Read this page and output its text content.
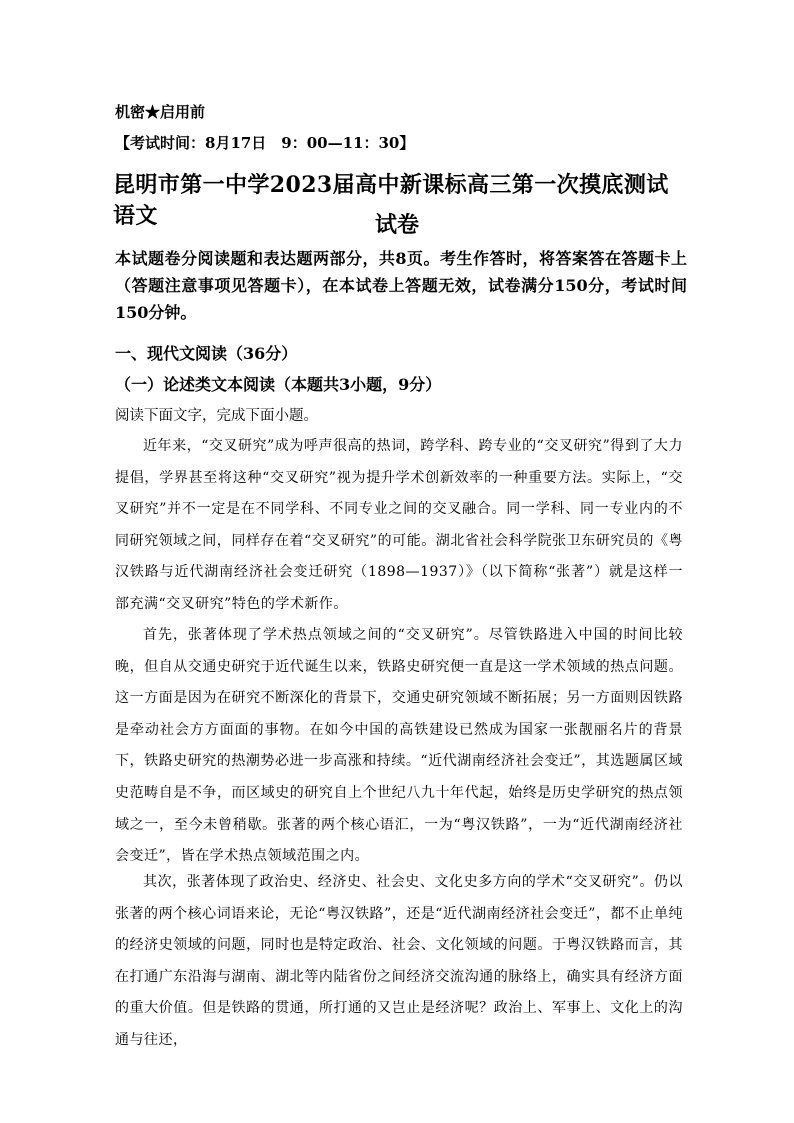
机密★启用前
【考试时间：8月17日　9：00—11：30】
昆明市第一中学2023届高中新课标高三第一次摸底测试语文	试卷
本试题卷分阅读题和表达题两部分，共8页。考生作答时，将答案答在答题卡上（答题注意事项见答题卡），在本试卷上答题无效，试卷满分150分，考试时间150分钟。
一、现代文阅读（36分）
（一）论述类文本阅读（本题共3小题，9分）
阅读下面文字，完成下面小题。
近年来，“交叉研究”成为呼声很高的热词，跨学科、跨专业的“交叉研究”得到了大力提倡，学界甚至将这种“交叉研究”视为提升学术创新效率的一种重要方法。实际上，“交叉研究”并不一定是在不同学科、不同专业之间的交叉融合。同一学科、同一专业内的不同研究领域之间，同样存在着“交叉研究”的可能。湖北省社会科学院张卫东研究员的《粤汉铁路与近代湖南经济社会变迁研究（1898—1937）》（以下简称“张著”）就是这样一部充满“交叉研究”特色的学术新作。
首先，张著体现了学术热点领域之间的“交叉研究”。尽管铁路进入中国的时间比较晚，但自从交通史研究于近代诞生以来，铁路史研究便一直是这一学术领域的热点问题。这一方面是因为在研究不断深化的背景下，交通史研究领域不断拓展；另一方面则因铁路是牵动社会方方面面的事物。在如今中国的高铁建设已然成为国家一张靓丽名片的背景下，铁路史研究的热潮势必进一步高涨和持续。“近代湖南经济社会变迁”，其选题属区域史范畴自是不争，而区域史的研究自上个世纪八九十年代起，始终是历史学研究的热点领域之一，至今未曾稍歇。张著的两个核心语汇，一为“粤汉铁路”，一为“近代湖南经济社会变迁”，皆在学术热点领域范围之内。
其次，张著体现了政治史、经济史、社会史、文化史多方向的学术“交叉研究”。仍以张著的两个核心词语来论，无论“粤汉铁路”，还是“近代湖南经济社会变迁”，都不止单纯的经济史领域的问题，同时也是特定政治、社会、文化领域的问题。于粤汉铁路而言，其在打通广东沿海与湖南、湖北等内陆省份之间经济交流沟通的脉络上，确实具有经济方面的重大价值。但是铁路的贯通，所打通的又岂止是经济呢？政治上、军事上、文化上的沟通与往还，
